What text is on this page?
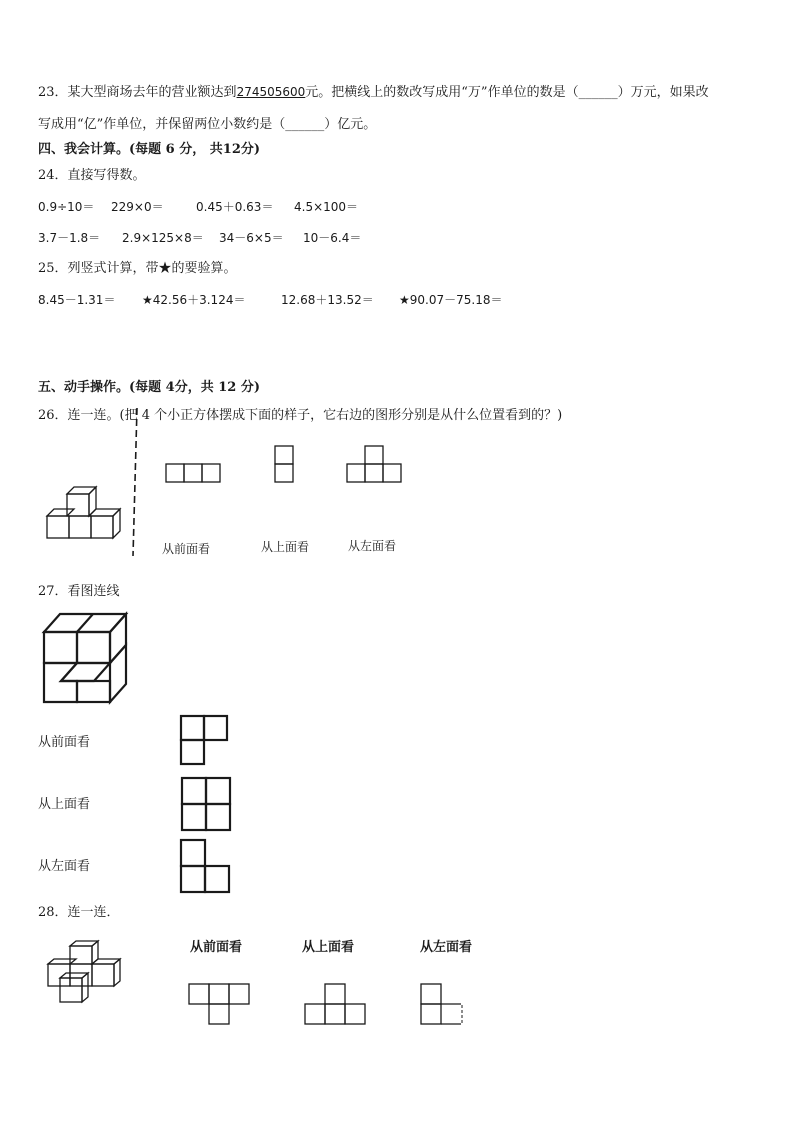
23．某大型商场去年的营业额达到274505600元。把横线上的数改写成用“万”作单位的数是（______）万元，如果改
写成用“亿”作单位，并保留两位小数约是（______）亿元。
四、我会计算。(每题 6 分， 共12分)
24．直接写得数。
0.9÷10＝ 229×0＝	0.45＋0.63＝ 4.5×100＝
3.7－1.8＝ 2.9×125×8＝ 34－6×5＝ 10－6.4＝
25．列竖式计算，带★的要验算。
8.45－1.31＝ ★42.56＋3.124＝	12.68＋13.52＝ ★90.07－75.18＝
五、动手操作。(每题 4分，共 12 分)
26．连一连。(把 4 个小正方体摆成下面的样子，它右边的图形分别是从什么位置看到的？)
从前面看	从上面看	从左面看
27．看图连线
从前面看
从上面看
从左面看
28．连一连．
从前面看	从上面看	从左面看
